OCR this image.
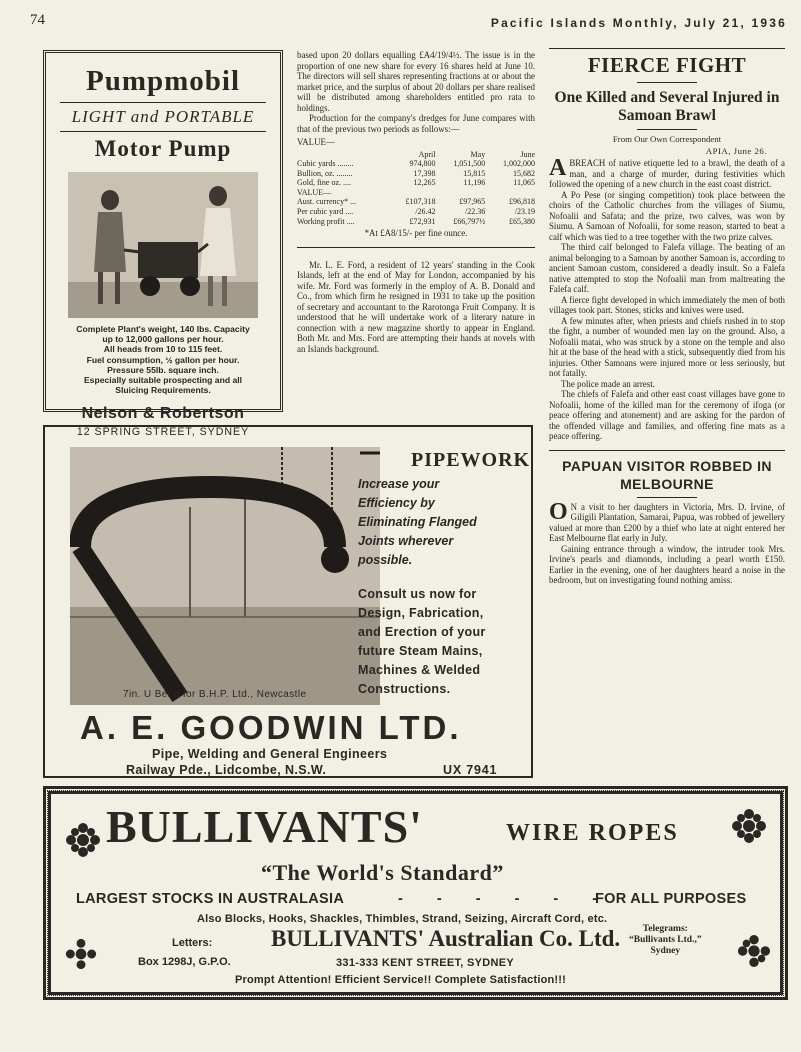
74	Pacific Islands Monthly, July 21, 1936
Pumpmobil
LIGHT and PORTABLE
Motor Pump
Complete Plant's weight, 140 lbs. Capacity
up to 12,000 gallons per hour.
All heads from 10 to 115 feet.
Fuel consumption, ½ gallon per hour.
Pressure 55lb. square inch.
Especially suitable prospecting and all
Sluicing Requirements.
Nelson & Robertson
12 SPRING STREET, SYDNEY

based upon 20 dollars equalling £A4/19/4½. The issue is in the proportion of one new share for every 16 shares held at June 10. The directors will sell shares representing fractions at or about the market price, and the surplus of about 20 dollars per share realised will be distributed among shareholders entitled pro rata to holdings.

Production for the company's dredges for June compares with that of the previous two periods as follows:—

VALUE—
	April	May	June
Cubic yards ........	974,800	1,051,500	1,002,000
Bullion, oz. ........	17,398	15,815	15,682
Gold, fine oz. ....	12,265	11,196	11,065
VALUE—			
Aust. currency* ...	£107,318	£97,965	£96,818
Per cubic yard ....	/26.42	/22.36	/23.19
Working profit ....	£72,931	£66,797½	£65,380
*At £A8/15/- per fine ounce.

Mr. L. E. Ford, a resident of 12 years' standing in the Cook Islands, left at the end of May for London, accompanied by his wife. Mr. Ford was formerly in the employ of A. B. Donald and Co., from which firm he resigned in 1931 to take up the position of secretary and accountant to the Rarotonga Fruit Company. It is understood that he will undertake work of a literary nature in connection with a new magazine shortly to appear in England. Both Mr. and Mrs. Ford are attempting their hands at novels with an Islands background.

7in. U Bend for B.H.P. Ltd., Newcastle
PIPEWORK
Increase your
Efficiency by
Eliminating Flanged
Joints wherever
possible.
Consult us now for
Design, Fabrication,
and Erection of your
future Steam Mains,
Machines & Welded
Constructions.
A. E. GOODWIN LTD.
Pipe, Welding and General Engineers
Railway Pde., Lidcombe, N.S.W.	UX 7941
FIERCE FIGHT
One Killed and Several Injured in Samoan Brawl
From Our Own Correspondent
APIA, June 26.

ABREACH of native etiquette led to a brawl, the death of a man, and a charge of murder, during festivities which followed the opening of a new church in the east coast district.

A Po Pese (or singing competition) took place between the choirs of the Catholic churches from the villages of Siumu, Nofoalii and Safata; and the prize, two calves, was won by Siumu. A Samoan of Nofoalii, for some reason, started to beat a calf which was tied to a tree together with the two prize calves.

The third calf belonged to Falefa village. The beating of an animal belonging to a Samoan by another Samoan is, according to ancient Samoan custom, considered a deadly insult. So a Falefa native attempted to stop the Nofoalii man from maltreating the Falefa calf.

A fierce fight developed in which immediately the men of both villages took part. Stones, sticks and knives were used.

A few minutes after, when priests and chiefs rushed in to stop the fight, a number of wounded men lay on the ground. Also, a Nofoalii matai, who was struck by a stone on the temple and also hit at the base of the head with a stick, subsequently died from his injuries. Other Samoans were injured more or less seriously, but not fatally.

The police made an arrest.

The chiefs of Falefa and other east coast villages have gone to Nofoalii, home of the killed man for the ceremony of ifoga (or peace offering and atonement) and are asking for the pardon of the offended village and families, and offering fine mats as a peace offering.

PAPUAN VISITOR ROBBED IN MELBOURNE

O N a visit to her daughters in Victoria, Mrs. D. Irvine, of Giligili Plantation, Samarai, Papua, was robbed of jewellery valued at more than £200 by a thief who late at night entered her East Melbourne flat early in July.

Gaining entrance through a window, the intruder took Mrs. Irvine's pearls and diamonds, including a pearl worth £150. Earlier in the evening, one of her daughters heard a noise in the bedroom, but on investigating found nothing amiss.

BULLIVANTS'	WIRE ROPES
“The World's Standard”
LARGEST STOCKS IN AUSTRALASIA	- - - - - -
FOR ALL PURPOSES
Also Blocks, Hooks, Shackles, Thimbles, Strand, Seizing, Aircraft Cord, etc.
Letters:
Box 1298J, G.P.O.
BULLIVANTS' Australian Co. Ltd.
331-333 KENT STREET, SYDNEY
Telegrams:
“Bullivants Ltd.,”
Sydney
Prompt Attention! Efficient Service!! Complete Satisfaction!!!
